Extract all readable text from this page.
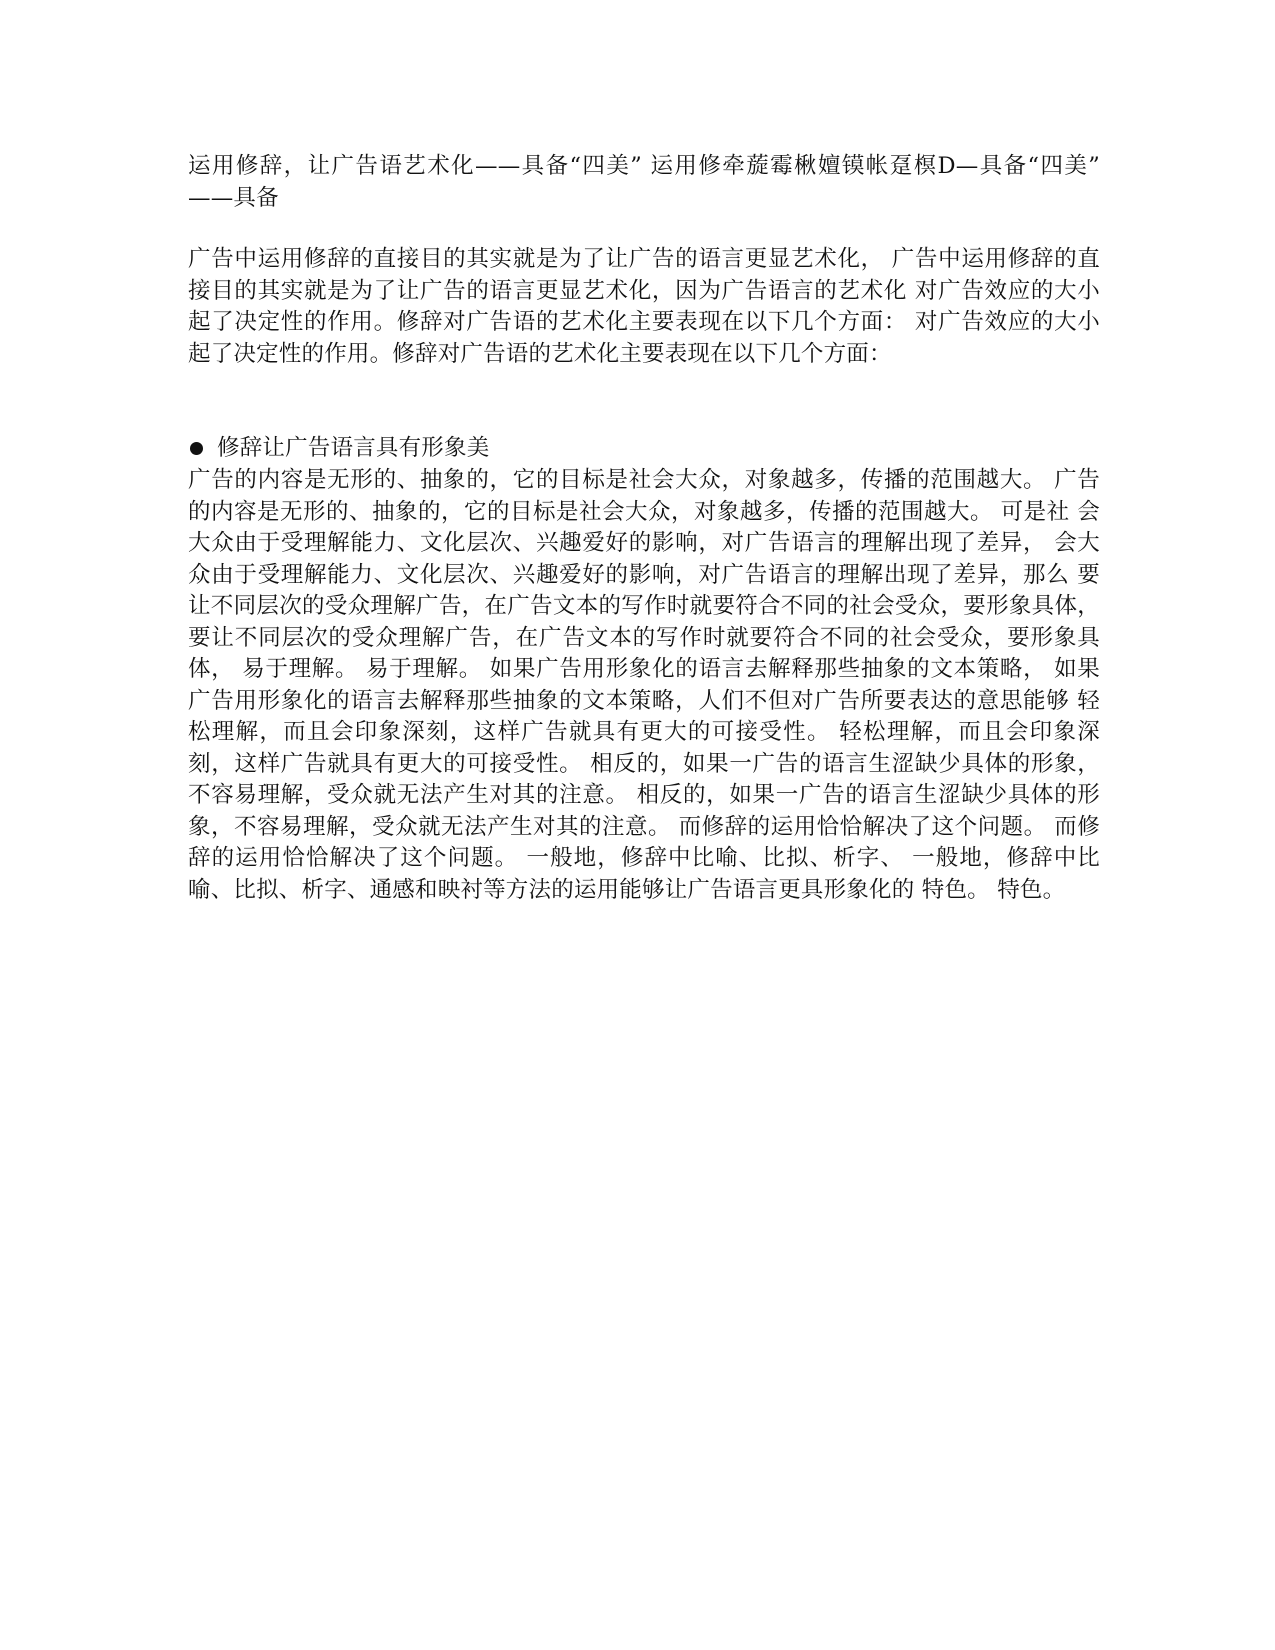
运用修辞，让广告语艺术化——具备“四美” 运用修牵蔙霉楸嬗镆帐趸榠D—具备“四美” ——具备
广告中运用修辞的直接目的其实就是为了让广告的语言更显艺术化， 广告中运用修辞的直接目的其实就是为了让广告的语言更显艺术化，因为广告语言的艺术化 对广告效应的大小起了决定性的作用。修辞对广告语的艺术化主要表现在以下几个方面： 对广告效应的大小起了决定性的作用。修辞对广告语的艺术化主要表现在以下几个方面：
修辞让广告语言具有形象美
广告的内容是无形的、抽象的，它的目标是社会大众，对象越多，传播的范围越大。 广告的内容是无形的、抽象的，它的目标是社会大众，对象越多，传播的范围越大。 可是社 会大众由于受理解能力、文化层次、兴趣爱好的影响，对广告语言的理解出现了差异， 会大众由于受理解能力、文化层次、兴趣爱好的影响，对广告语言的理解出现了差异，那么 要让不同层次的受众理解广告，在广告文本的写作时就要符合不同的社会受众，要形象具体， 要让不同层次的受众理解广告，在广告文本的写作时就要符合不同的社会受众，要形象具体， 易于理解。 易于理解。 如果广告用形象化的语言去解释那些抽象的文本策略， 如果广告用形象化的语言去解释那些抽象的文本策略，人们不但对广告所要表达的意思能够 轻松理解，而且会印象深刻，这样广告就具有更大的可接受性。 轻松理解，而且会印象深刻，这样广告就具有更大的可接受性。 相反的，如果一广告的语言生涩缺少具体的形象，不容易理解，受众就无法产生对其的注意。 相反的，如果一广告的语言生涩缺少具体的形象，不容易理解，受众就无法产生对其的注意。 而修辞的运用恰恰解决了这个问题。 而修辞的运用恰恰解决了这个问题。 一般地，修辞中比喻、比拟、析字、 一般地，修辞中比喻、比拟、析字、通感和映衬等方法的运用能够让广告语言更具形象化的 特色。 特色。
